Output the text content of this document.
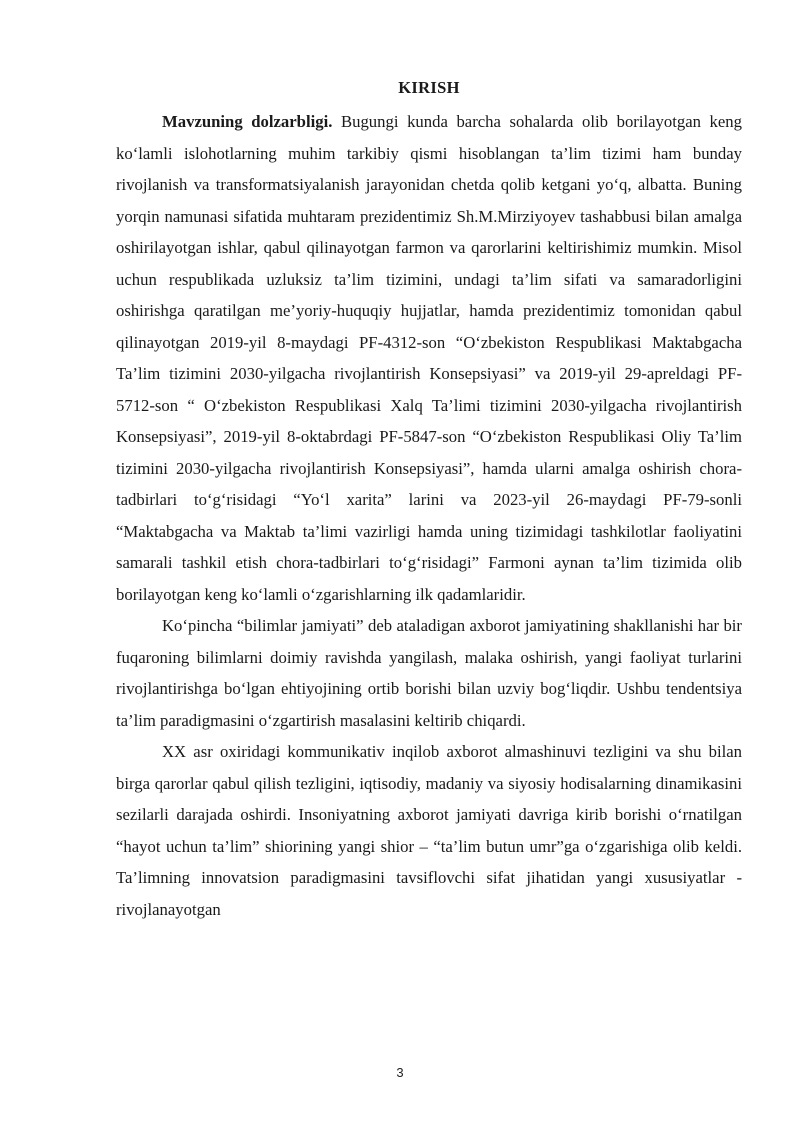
KIRISH

Mavzuning dolzarbligi. Bugungi kunda barcha sohalarda olib borilayotgan keng ko‘lamli islohotlarning muhim tarkibiy qismi hisoblangan ta’lim tizimi ham bunday rivojlanish va transformatsiyalanish jarayonidan chetda qolib ketgani yo‘q, albatta. Buning yorqin namunasi sifatida muhtaram prezidentimiz Sh.M.Mirziyoyev tashabbusi bilan amalga oshirilayotgan ishlar, qabul qilinayotgan farmon va qarorlarini keltirishimiz mumkin. Misol uchun respublikada uzluksiz ta’lim tizimini, undagi ta’lim sifati va samaradorligini oshirishga qaratilgan me’yoriy-huquqiy hujjatlar, hamda prezidentimiz tomonidan qabul qilinayotgan 2019-yil 8-maydagi PF-4312-son “O‘zbekiston Respublikasi Maktabgacha Ta’lim tizimini 2030-yilgacha rivojlantirish Konsepsiyasi” va 2019-yil 29-apreldagi PF-5712-son “ O‘zbekiston Respublikasi Xalq Ta’limi tizimini 2030-yilgacha rivojlantirish Konsepsiyasi”, 2019-yil 8-oktabrdagi PF-5847-son “O‘zbekiston Respublikasi Oliy Ta’lim tizimini 2030-yilgacha rivojlantirish Konsepsiyasi”, hamda ularni amalga oshirish chora-tadbirlari to‘g‘risidagi “Yo‘l xarita” larini va 2023-yil 26-maydagi PF-79-sonli “Maktabgacha va Maktab ta’limi vazirligi hamda uning tizimidagi tashkilotlar faoliyatini samarali tashkil etish chora-tadbirlari to‘g‘risidagi” Farmoni aynan ta’lim tizimida olib borilayotgan keng ko‘lamli o‘zgarishlarning ilk qadamlaridir.

Ko‘pincha “bilimlar jamiyati” deb ataladigan axborot jamiyatining shakllanishi har bir fuqaroning bilimlarni doimiy ravishda yangilash, malaka oshirish, yangi faoliyat turlarini rivojlantirishga bo‘lgan ehtiyojining ortib borishi bilan uzviy bog‘liqdir. Ushbu tendentsiya ta’lim paradigmasini o‘zgartirish masalasini keltirib chiqardi.

XX asr oxiridagi kommunikativ inqilob axborot almashinuvi tezligini va shu bilan birga qarorlar qabul qilish tezligini, iqtisodiy, madaniy va siyosiy hodisalarning dinamikasini sezilarli darajada oshirdi. Insoniyatning axborot jamiyati davriga kirib borishi o‘rnatilgan “hayot uchun ta’lim” shiorining yangi shior – “ta’lim butun umr”ga o‘zgarishiga olib keldi. Ta’limning innovatsion paradigmasini tavsiflovchi sifat jihatidan yangi xususiyatlar - rivojlanayotgan

3
